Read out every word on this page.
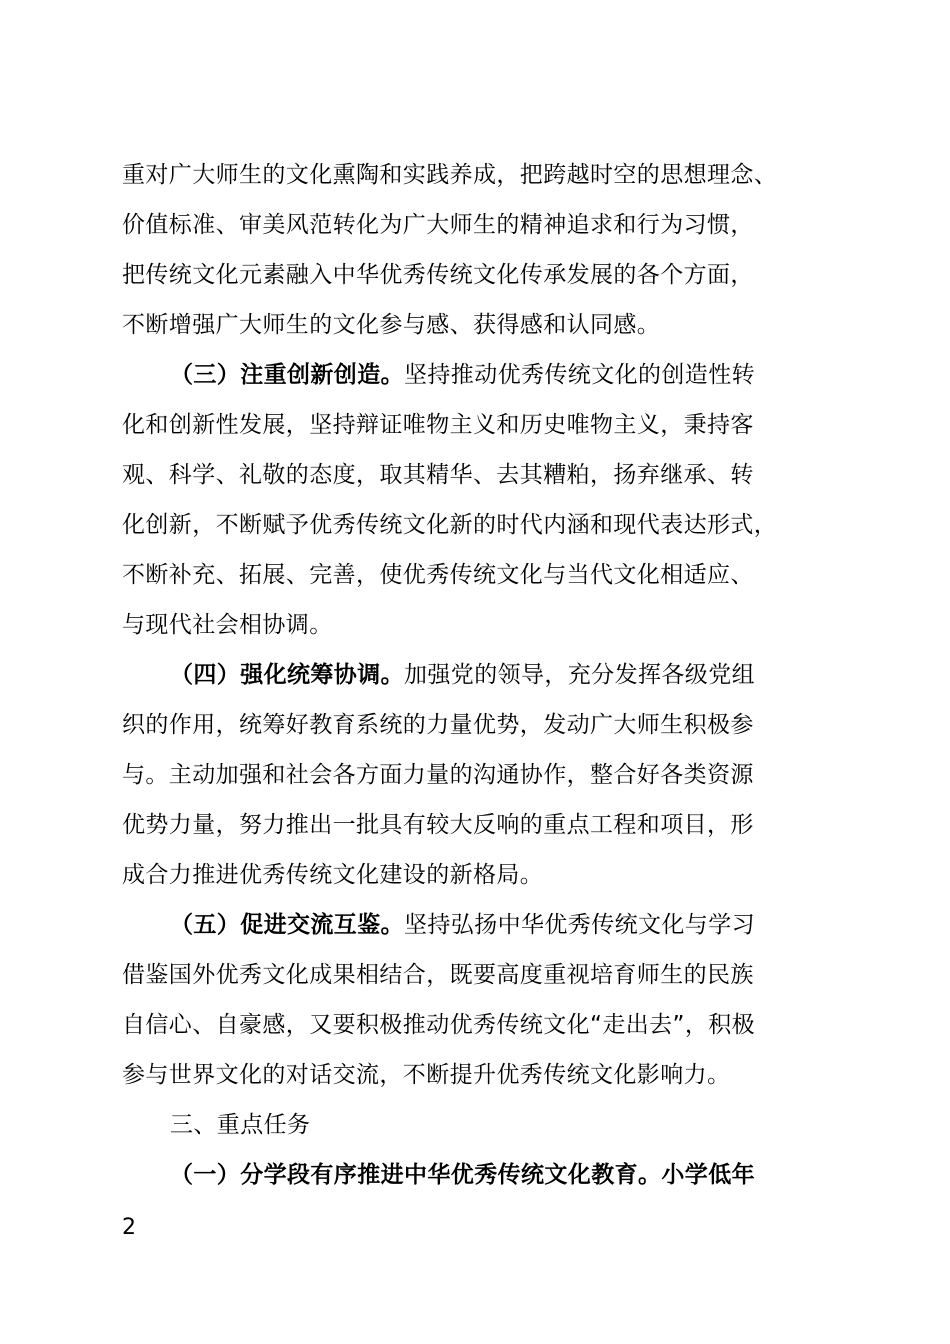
重对广大师生的文化熏陶和实践养成，把跨越时空的思想理念、
价值标准、审美风范转化为广大师生的精神追求和行为习惯，
把传统文化元素融入中华优秀传统文化传承发展的各个方面，
不断增强广大师生的文化参与感、获得感和认同感。
（三）注重创新创造。坚持推动优秀传统文化的创造性转
化和创新性发展，坚持辩证唯物主义和历史唯物主义，秉持客
观、科学、礼敬的态度，取其精华、去其糟粕，扬弃继承、转
化创新，不断赋予优秀传统文化新的时代内涵和现代表达形式，
不断补充、拓展、完善，使优秀传统文化与当代文化相适应、
与现代社会相协调。
（四）强化统筹协调。加强党的领导，充分发挥各级党组
织的作用，统筹好教育系统的力量优势，发动广大师生积极参
与。主动加强和社会各方面力量的沟通协作，整合好各类资源
优势力量，努力推出一批具有较大反响的重点工程和项目，形
成合力推进优秀传统文化建设的新格局。
（五）促进交流互鉴。坚持弘扬中华优秀传统文化与学习
借鉴国外优秀文化成果相结合，既要高度重视培育师生的民族
自信心、自豪感，又要积极推动优秀传统文化“走出去”，积极
参与世界文化的对话交流，不断提升优秀传统文化影响力。
三、重点任务
（一）分学段有序推进中华优秀传统文化教育。小学低年
2
